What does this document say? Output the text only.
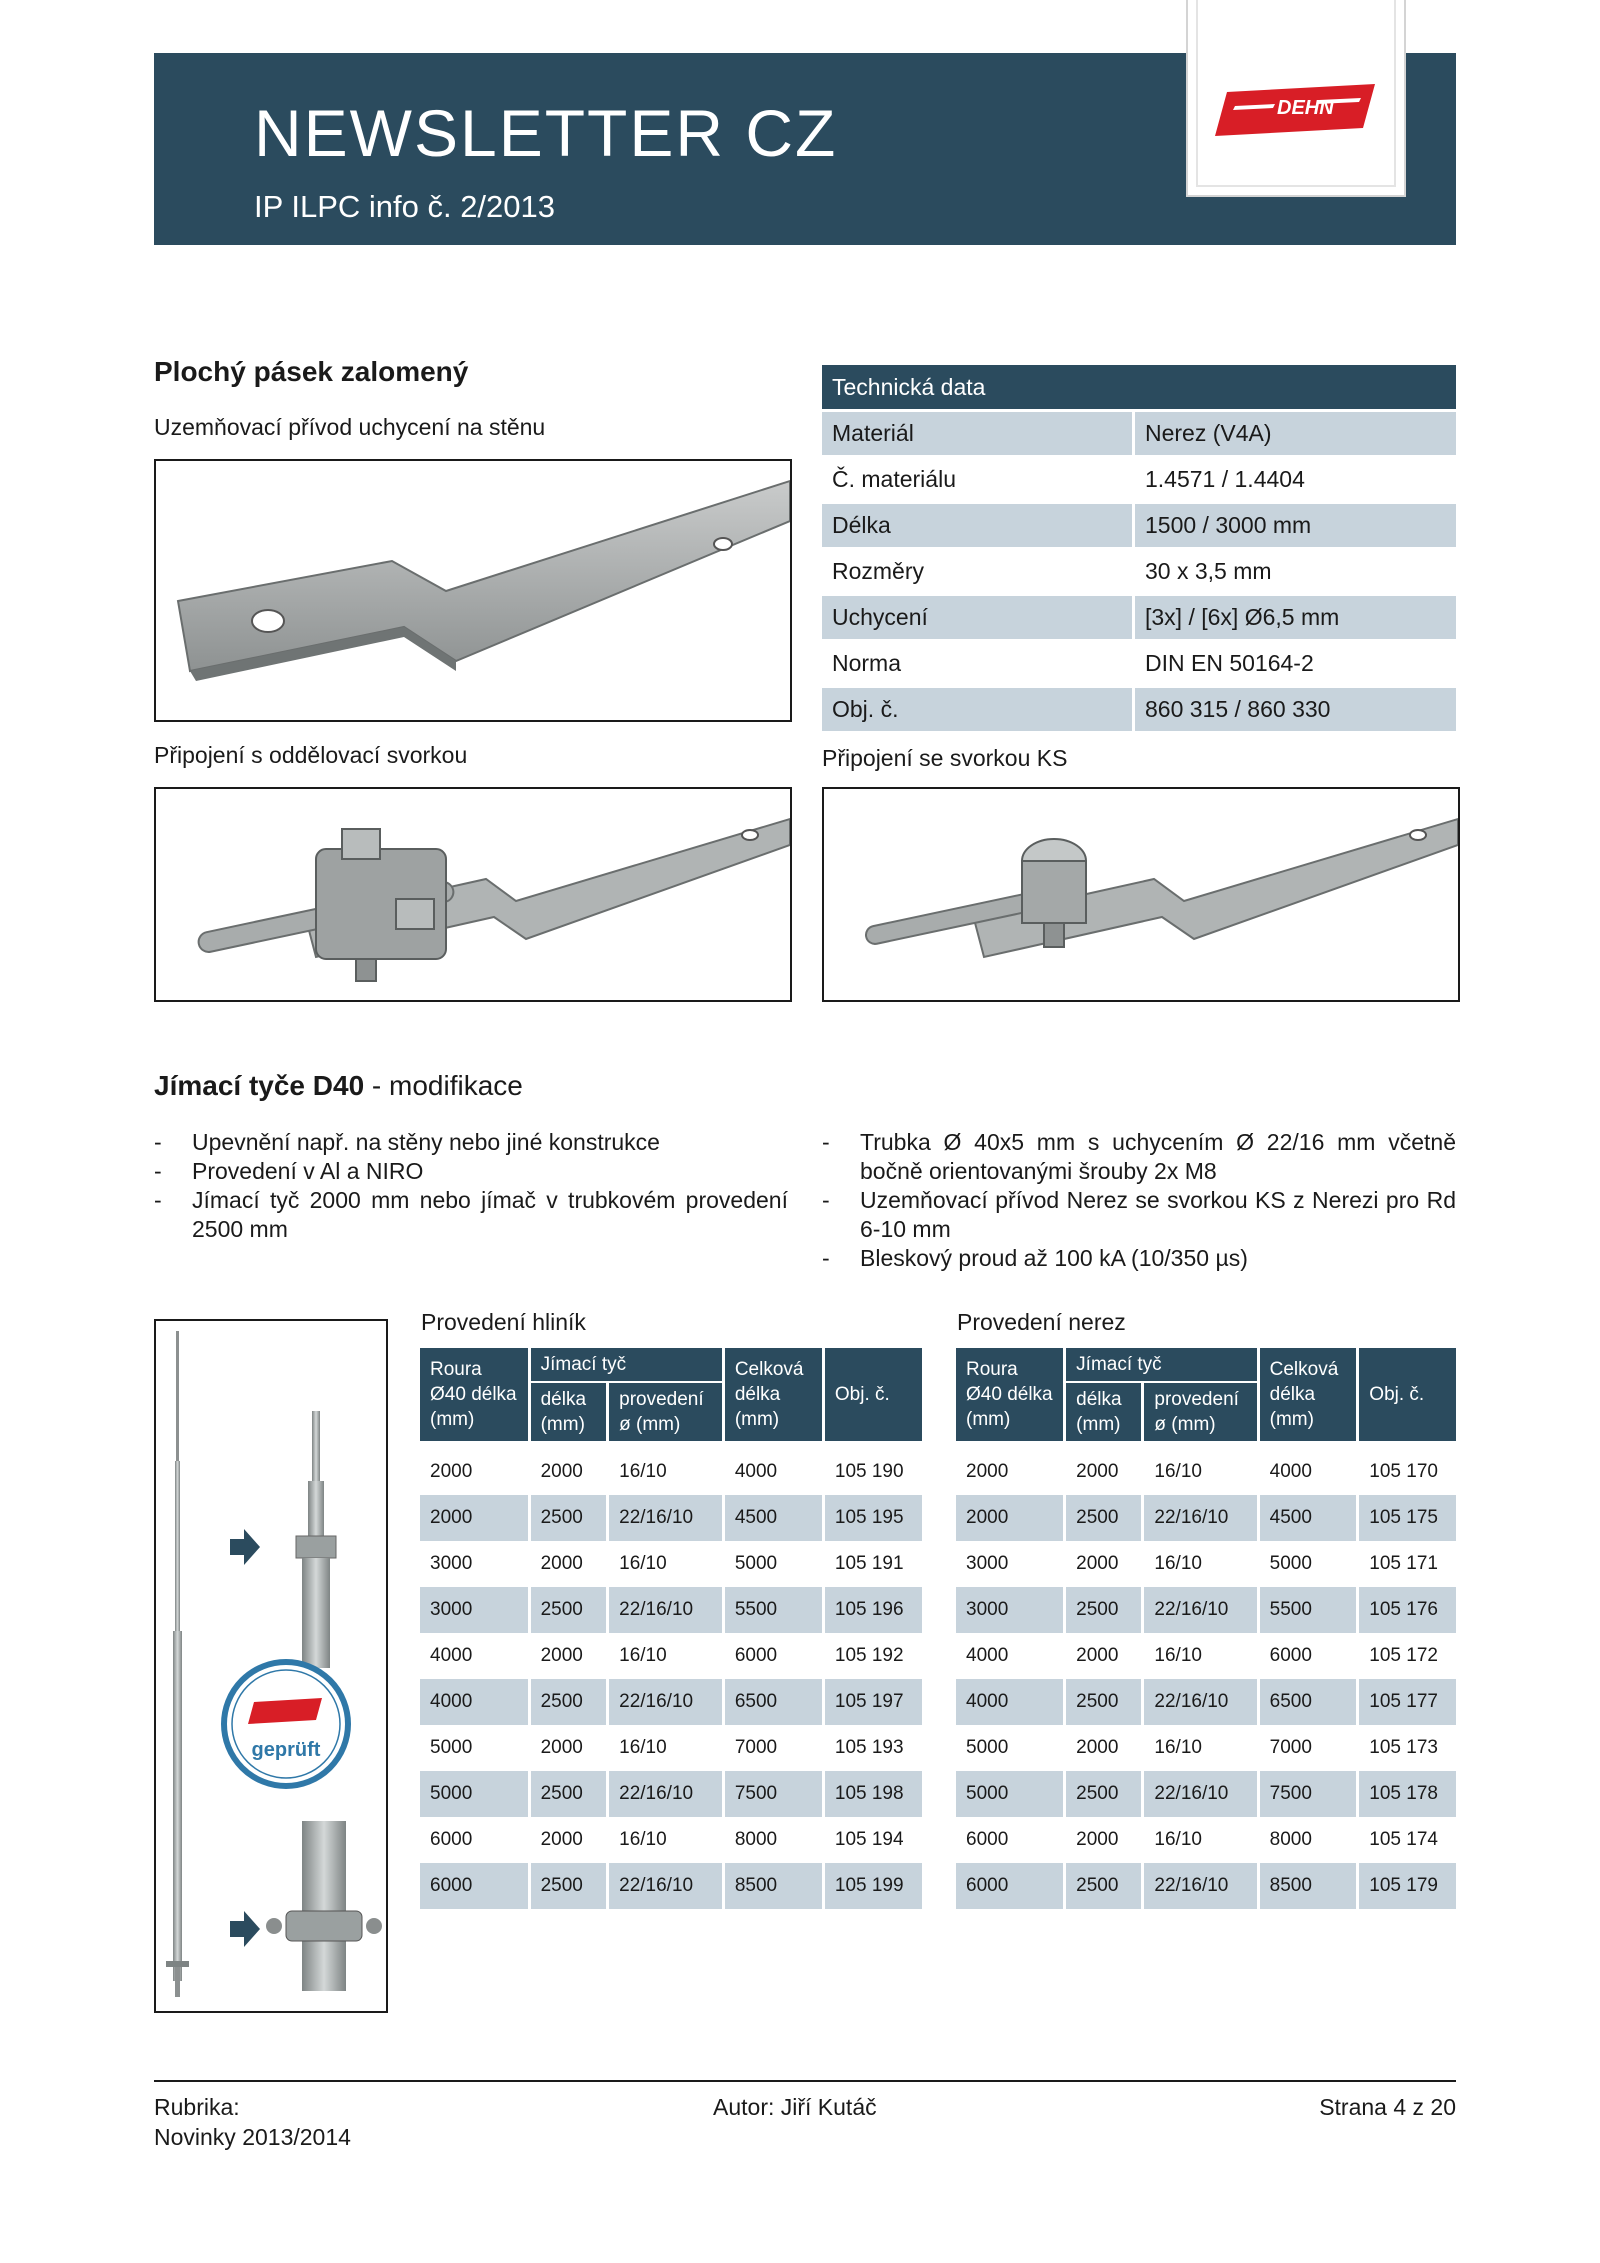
NEWSLETTER CZ
IP ILPC info č. 2/2013
DEHN
Plochý pásek zalomený
Uzemňovací přívod uchycení na stěnu
Technická data	
Materiál	Nerez (V4A)
Č. materiálu	1.4571 / 1.4404
Délka	1500 / 3000 mm
Rozměry	30 x 3,5 mm
Uchycení	[3x] / [6x] Ø6,5 mm
Norma	DIN EN 50164-2
Obj. č.	860 315 / 860 330
Připojení s oddělovací svorkou	Připojení se svorkou KS
Jímací tyče D40 - modifikace
- Upevnění např. na stěny nebo jiné konstrukce
- Provedení v Al a NIRO
- Jímací tyč 2000 mm nebo jímač v trubkovém provedení 2500 mm
- Trubka Ø 40x5 mm s uchycením Ø 22/16 mm včetně bočně orientovanými šrouby 2x M8
- Uzemňovací přívod Nerez se svorkou KS z Nerezi pro Rd 6-10 mm
- Bleskový proud až 100 kA (10/350 µs)
geprüft
Provedení hliník
Roura Ø40 délka (mm)	Jímací tyč		Celková délka (mm)	Obj. č.
	délka (mm)	provedení ø (mm)		
2000	2000	16/10	4000	105 190
2000	2500	22/16/10	4500	105 195
3000	2000	16/10	5000	105 191
3000	2500	22/16/10	5500	105 196
4000	2000	16/10	6000	105 192
4000	2500	22/16/10	6500	105 197
5000	2000	16/10	7000	105 193
5000	2500	22/16/10	7500	105 198
6000	2000	16/10	8000	105 194
6000	2500	22/16/10	8500	105 199
Provedení nerez
Roura Ø40 délka (mm)	Jímací tyč		Celková délka (mm)	Obj. č.
	délka (mm)	provedení ø (mm)		
2000	2000	16/10	4000	105 170
2000	2500	22/16/10	4500	105 175
3000	2000	16/10	5000	105 171
3000	2500	22/16/10	5500	105 176
4000	2000	16/10	6000	105 172
4000	2500	22/16/10	6500	105 177
5000	2000	16/10	7000	105 173
5000	2500	22/16/10	7500	105 178
6000	2000	16/10	8000	105 174
6000	2500	22/16/10	8500	105 179
Rubrika:
Novinky 2013/2014
Autor: Jiří Kutáč	Strana 4 z 20
